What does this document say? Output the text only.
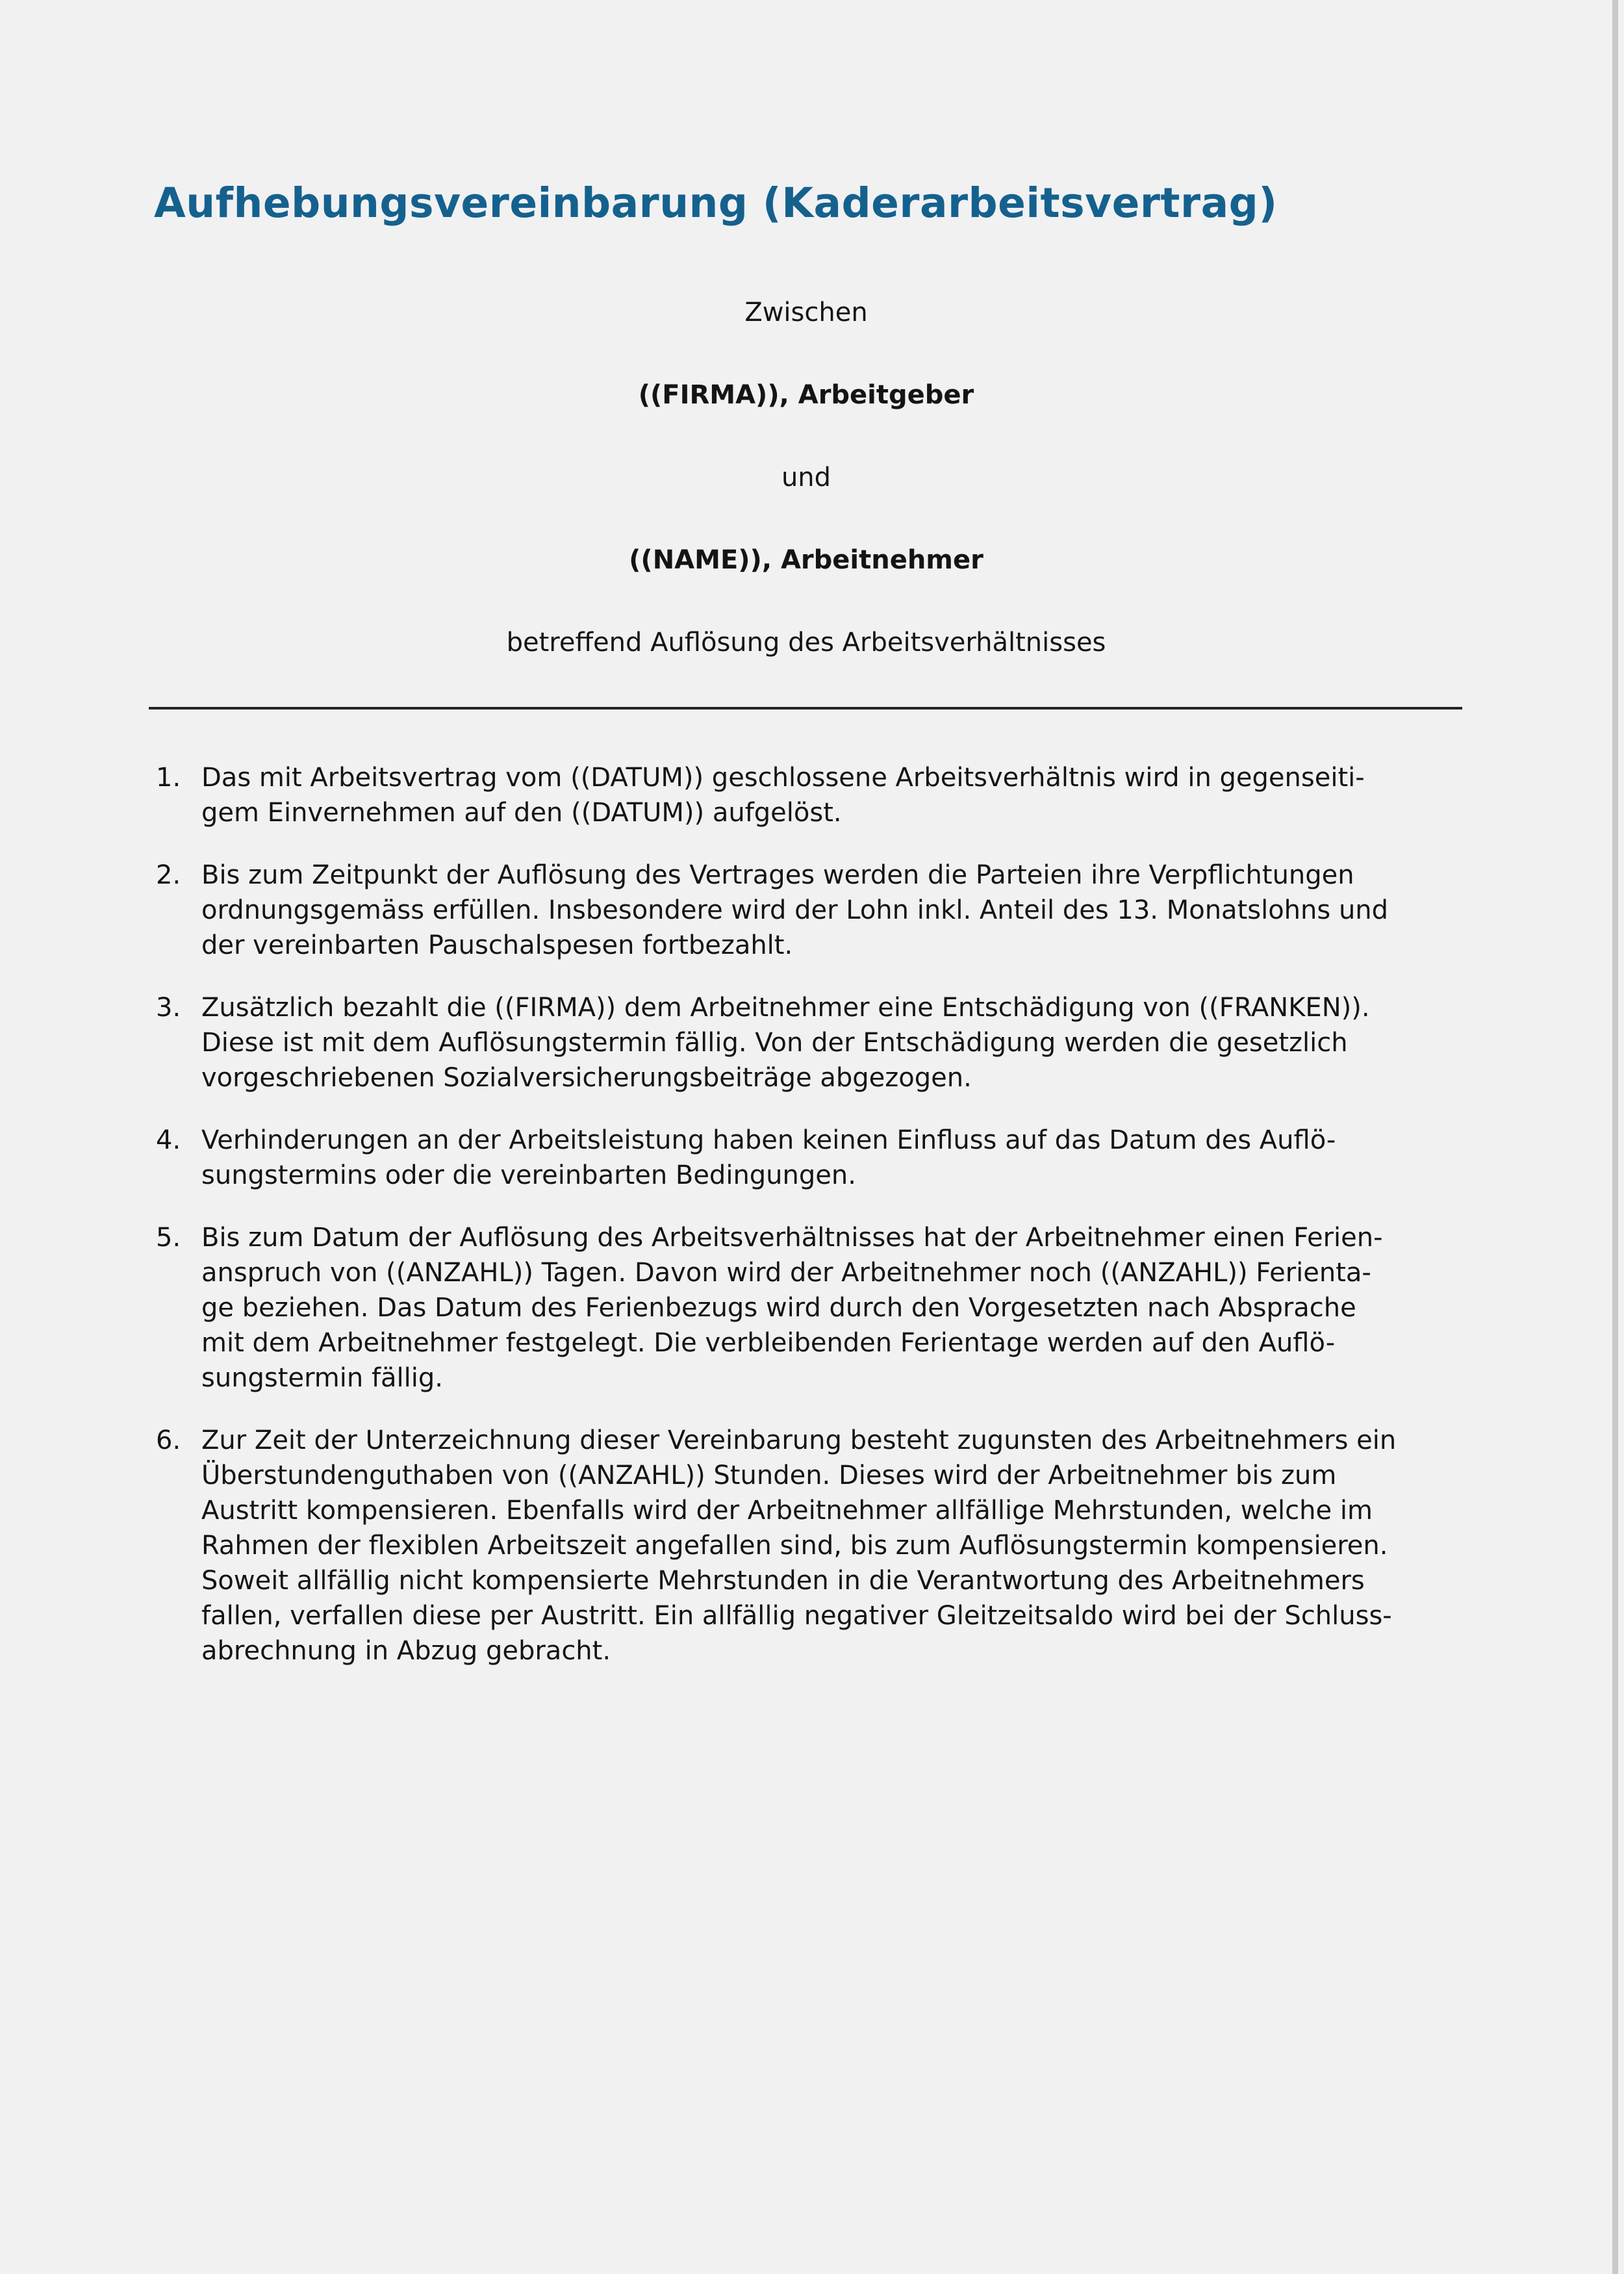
Aufhebungsvereinbarung (Kaderarbeitsvertrag)

Zwischen

((FIRMA)), Arbeitgeber

und

((NAME)), Arbeitnehmer

betreffend Auflösung des Arbeitsverhältnisses

1. Das mit Arbeitsvertrag vom ((DATUM)) geschlossene Arbeitsverhältnis wird in gegenseiti-
gem Einvernehmen auf den ((DATUM)) aufgelöst.
2. Bis zum Zeitpunkt der Auflösung des Vertrages werden die Parteien ihre Verpflichtungen
ordnungsgemäss erfüllen. Insbesondere wird der Lohn inkl. Anteil des 13. Monatslohns und
der vereinbarten Pauschalspesen fortbezahlt.
3. Zusätzlich bezahlt die ((FIRMA)) dem Arbeitnehmer eine Entschädigung von ((FRANKEN)).
Diese ist mit dem Auflösungstermin fällig. Von der Entschädigung werden die gesetzlich
vorgeschriebenen Sozialversicherungsbeiträge abgezogen.
4. Verhinderungen an der Arbeitsleistung haben keinen Einfluss auf das Datum des Auflö-
sungstermins oder die vereinbarten Bedingungen.
5. Bis zum Datum der Auflösung des Arbeitsverhältnisses hat der Arbeitnehmer einen Ferien-
anspruch von ((ANZAHL)) Tagen. Davon wird der Arbeitnehmer noch ((ANZAHL)) Ferienta-
ge beziehen. Das Datum des Ferienbezugs wird durch den Vorgesetzten nach Absprache
mit dem Arbeitnehmer festgelegt. Die verbleibenden Ferientage werden auf den Auflö-
sungstermin fällig.
6. Zur Zeit der Unterzeichnung dieser Vereinbarung besteht zugunsten des Arbeitnehmers ein
Überstundenguthaben von ((ANZAHL)) Stunden. Dieses wird der Arbeitnehmer bis zum
Austritt kompensieren. Ebenfalls wird der Arbeitnehmer allfällige Mehrstunden, welche im
Rahmen der flexiblen Arbeitszeit angefallen sind, bis zum Auflösungstermin kompensieren.
Soweit allfällig nicht kompensierte Mehrstunden in die Verantwortung des Arbeitnehmers
fallen, verfallen diese per Austritt. Ein allfällig negativer Gleitzeitsaldo wird bei der Schluss-
abrechnung in Abzug gebracht.
